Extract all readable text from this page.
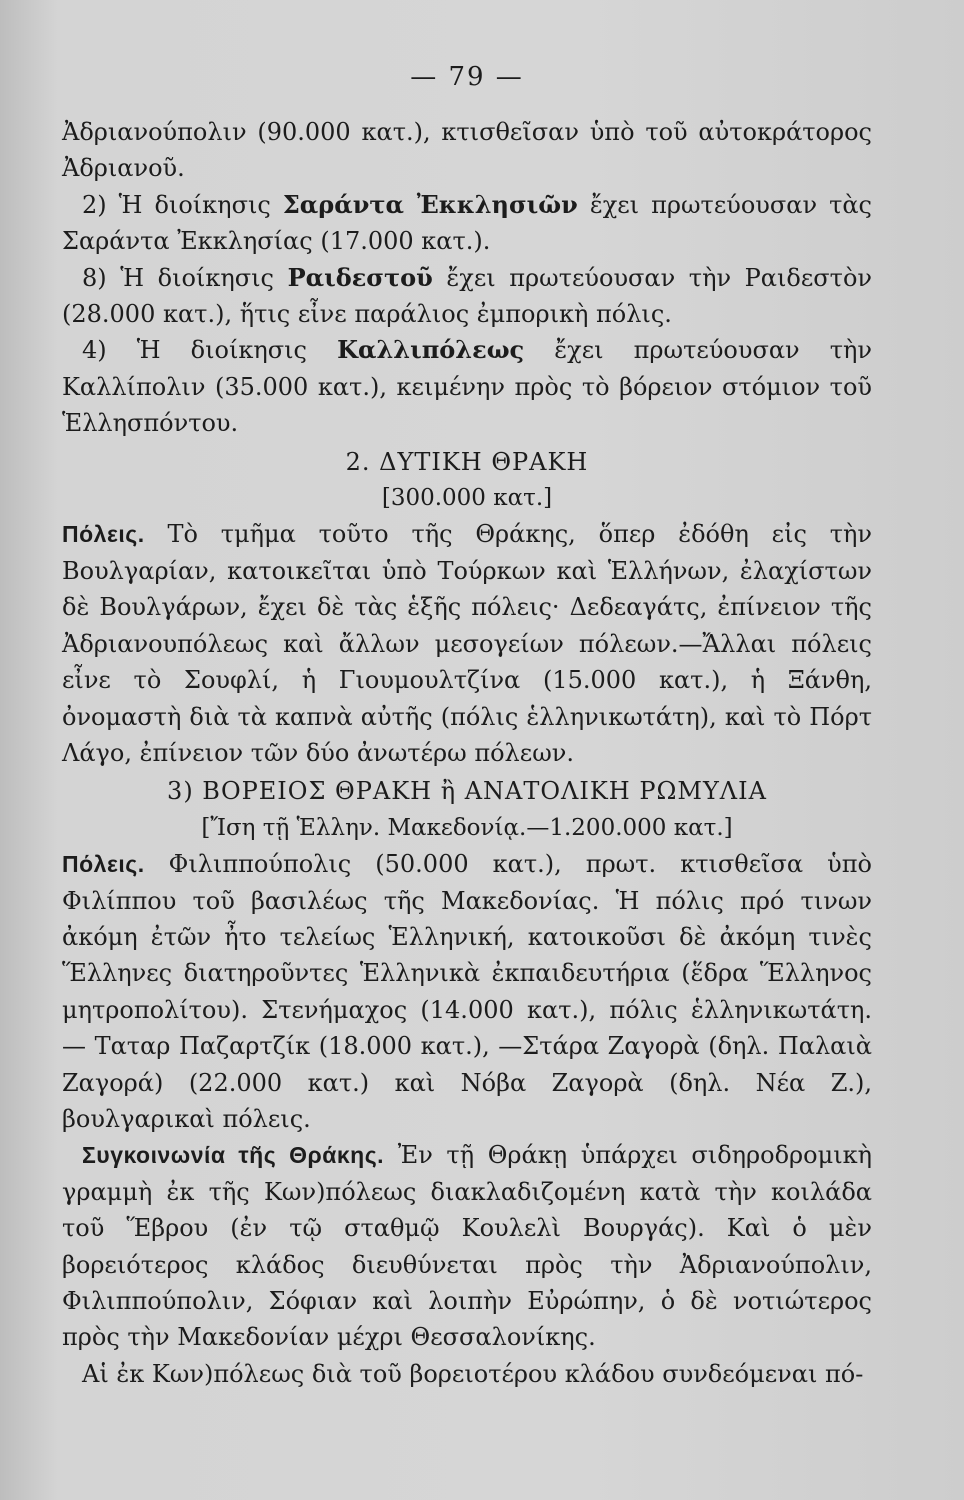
— 79 —

Ἀδριανούπολιν (90.000 κατ.), κτισθεῖσαν ὑπὸ τοῦ αὐτοκράτορος Ἀδριανοῦ.

2) Ἡ διοίκησις Σαράντα Ἐκκλησιῶν ἔχει πρωτεύουσαν τὰς Σαράντα Ἐκκλησίας (17.000 κατ.).

8) Ἡ διοίκησις Ραιδεστοῦ ἔχει πρωτεύουσαν τὴν Ραιδεστὸν (28.000 κατ.), ἥτις εἶνε παράλιος ἐμπορικὴ πόλις.

4) Ἡ διοίκησις Καλλιπόλεως ἔχει πρωτεύουσαν τὴν Καλλίπολιν (35.000 κατ.), κειμένην πρὸς τὸ βόρειον στόμιον τοῦ Ἑλλησπόντου.

2. ΔΥΤΙΚΗ ΘΡΑΚΗ

[300.000 κατ.]

Πόλεις. Τὸ τμῆμα τοῦτο τῆς Θράκης, ὅπερ ἐδόθη εἰς τὴν Βουλγαρίαν, κατοικεῖται ὑπὸ Τούρκων καὶ Ἑλλήνων, ἐλαχίστων δὲ Βουλγάρων, ἔχει δὲ τὰς ἑξῆς πόλεις· Δεδεαγάτς, ἐπίνειον τῆς Ἀδριανουπόλεως καὶ ἄλλων μεσογείων πόλεων.—Ἄλλαι πόλεις εἶνε τὸ Σουφλί, ἡ Γιουμουλτζίνα (15.000 κατ.), ἡ Ξάνθη, ὀνομαστὴ διὰ τὰ καπνὰ αὐτῆς (πόλις ἑλληνικωτάτη), καὶ τὸ Πόρτ Λάγο, ἐπίνειον τῶν δύο ἀνωτέρω πόλεων.

3) ΒΟΡΕΙΟΣ ΘΡΑΚΗ ἢ ΑΝΑΤΟΛΙΚΗ ΡΩΜΥΛΙΑ

[Ἴση τῇ Ἑλλην. Μακεδονίᾳ.—1.200.000 κατ.]

Πόλεις. Φιλιππούπολις (50.000 κατ.), πρωτ. κτισθεῖσα ὑπὸ Φιλίππου τοῦ βασιλέως τῆς Μακεδονίας. Ἡ πόλις πρό τινων ἀκόμη ἐτῶν ἦτο τελείως Ἑλληνική, κατοικοῦσι δὲ ἀκόμη τινὲς Ἕλληνες διατηροῦντες Ἑλληνικὰ ἐκπαιδευτήρια (ἕδρα Ἕλληνος μητροπολίτου). Στενήμαχος (14.000 κατ.), πόλις ἑλληνικωτάτη. — Ταταρ Παζαρτζίκ (18.000 κατ.), —Στάρα Ζαγορὰ (δηλ. Παλαιὰ Ζαγορά) (22.000 κατ.) καὶ Νόβα Ζαγορὰ (δηλ. Νέα Ζ.), βουλγαρικαὶ πόλεις.

Συγκοινωνία τῆς Θράκης. Ἐν τῇ Θράκῃ ὑπάρχει σιδηροδρομικὴ γραμμὴ ἐκ τῆς Κων)πόλεως διακλαδιζομένη κατὰ τὴν κοιλάδα τοῦ Ἕβρου (ἐν τῷ σταθμῷ Κουλελὶ Βουργάς). Καὶ ὁ μὲν βορειότερος κλάδος διευθύνεται πρὸς τὴν Ἀδριανούπολιν, Φιλιππούπολιν, Σόφιαν καὶ λοιπὴν Εὐρώπην, ὁ δὲ νοτιώτερος πρὸς τὴν Μακεδονίαν μέχρι Θεσσαλονίκης.

Αἱ ἐκ Κων)πόλεως διὰ τοῦ βορειοτέρου κλάδου συνδεόμεναι πό-
